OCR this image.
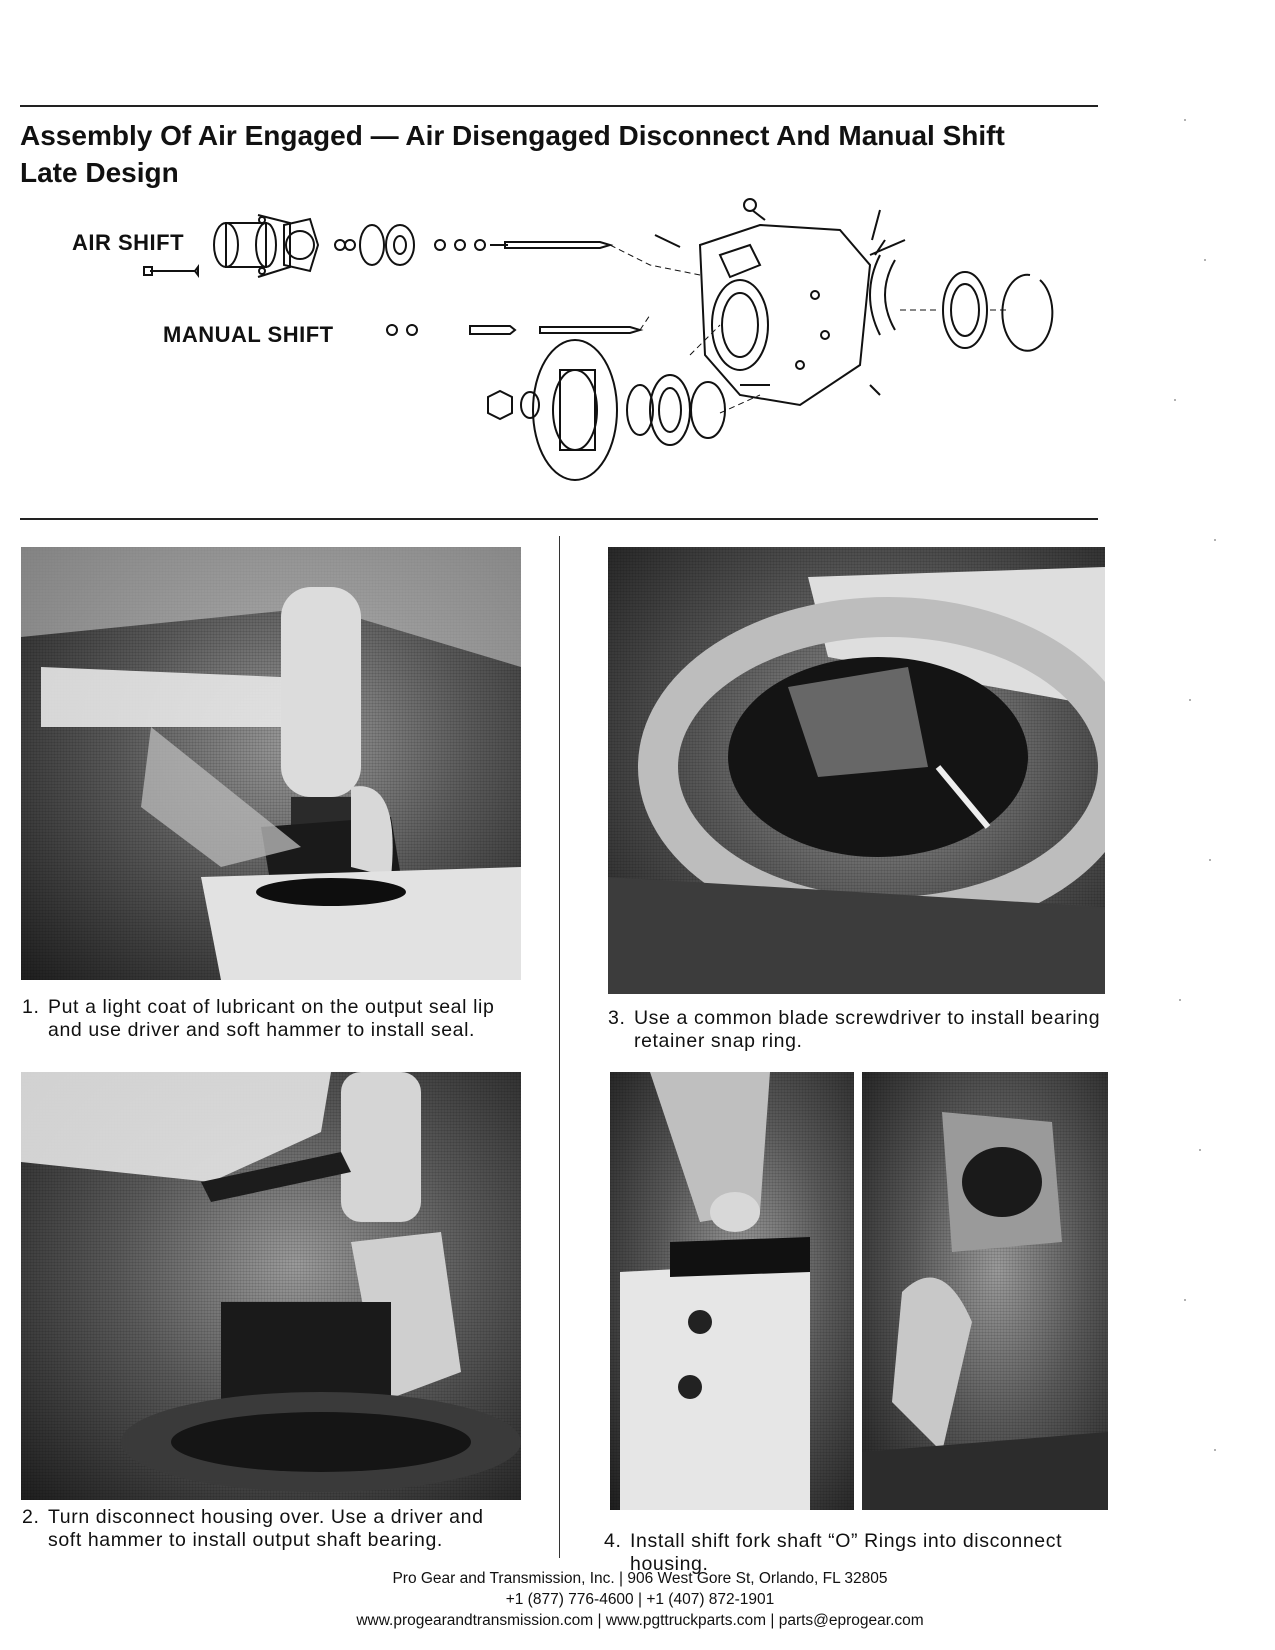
Assembly Of Air Engaged — Air Disengaged Disconnect And Manual Shift
Late Design
AIR SHIFT
MANUAL SHIFT
1. Put a light coat of lubricant on the output seal lip and use driver and soft hammer to install seal.
2. Turn disconnect housing over. Use a driver and soft hammer to install output shaft bearing.
3. Use a common blade screwdriver to install bearing retainer snap ring.
4. Install shift fork shaft “O” Rings into disconnect housing.
Pro Gear and Transmission, Inc. | 906 West Gore St, Orlando, FL 32805
+1 (877) 776-4600 | +1 (407) 872-1901
www.progearandtransmission.com | www.pgttruckparts.com | parts@eprogear.com
